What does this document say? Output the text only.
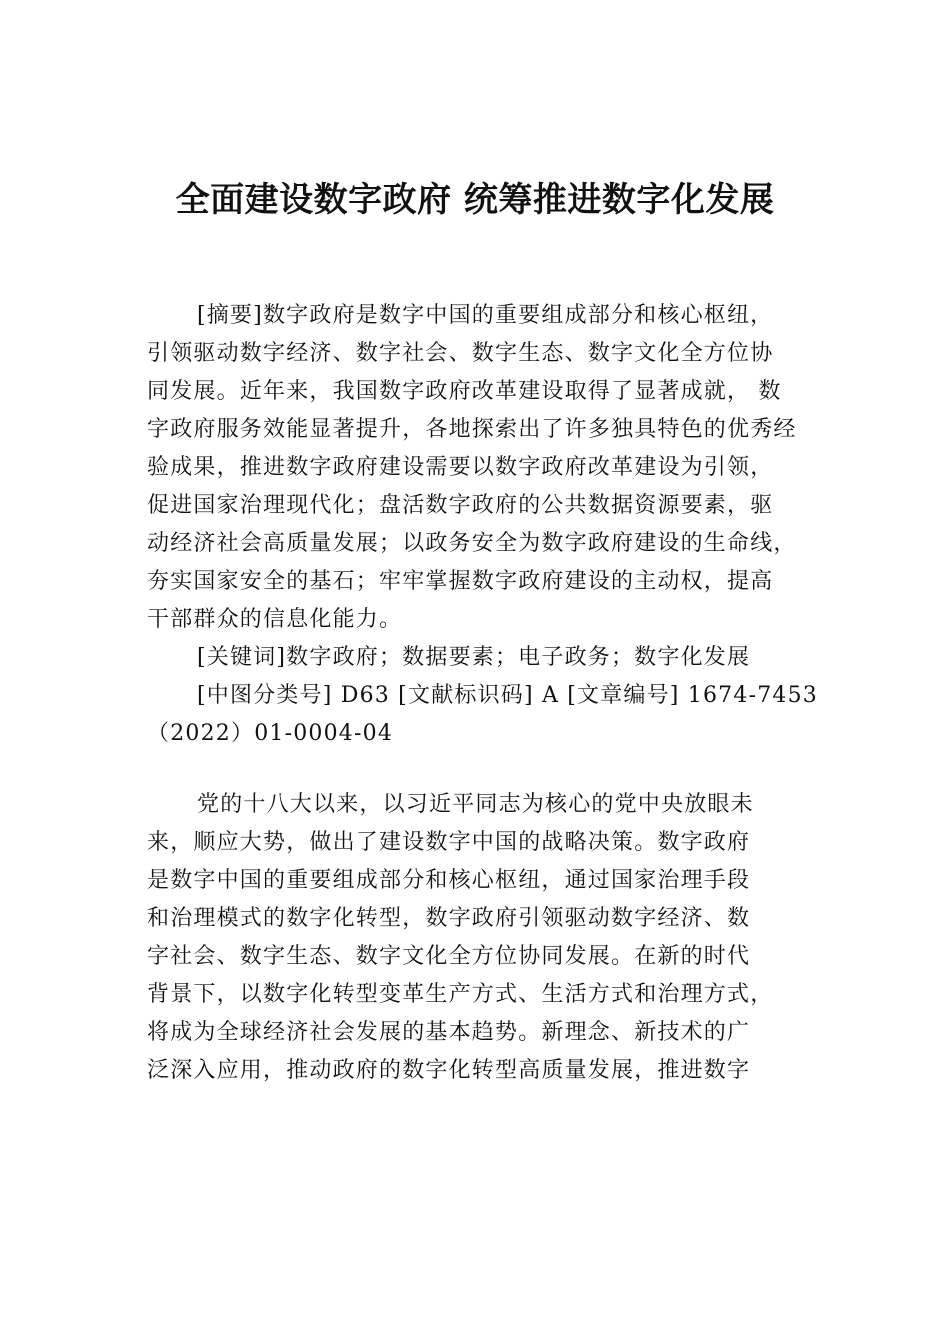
全面建设数字政府 统筹推进数字化发展
[摘要]数字政府是数字中国的重要组成部分和核心枢纽，
引领驱动数字经济、数字社会、数字生态、数字文化全方位协
同发展。近年来，我国数字政府改革建设取得了显著成就， 数
字政府服务效能显著提升，各地探索出了许多独具特色的优秀经
验成果，推进数字政府建设需要以数字政府改革建设为引领，
促进国家治理现代化；盘活数字政府的公共数据资源要素，驱
动经济社会高质量发展；以政务安全为数字政府建设的生命线，
夯实国家安全的基石；牢牢掌握数字政府建设的主动权，提高
干部群众的信息化能力。
[关键词]数字政府；数据要素；电子政务；数字化发展
[中图分类号] D63 [文献标识码] A [文章编号] 1674-7453
（2022）01-0004-04
党的十八大以来，以习近平同志为核心的党中央放眼未
来，顺应大势，做出了建设数字中国的战略决策。数字政府
是数字中国的重要组成部分和核心枢纽，通过国家治理手段
和治理模式的数字化转型，数字政府引领驱动数字经济、数
字社会、数字生态、数字文化全方位协同发展。在新的时代
背景下，以数字化转型变革生产方式、生活方式和治理方式，
将成为全球经济社会发展的基本趋势。新理念、新技术的广
泛深入应用，推动政府的数字化转型高质量发展，推进数字
